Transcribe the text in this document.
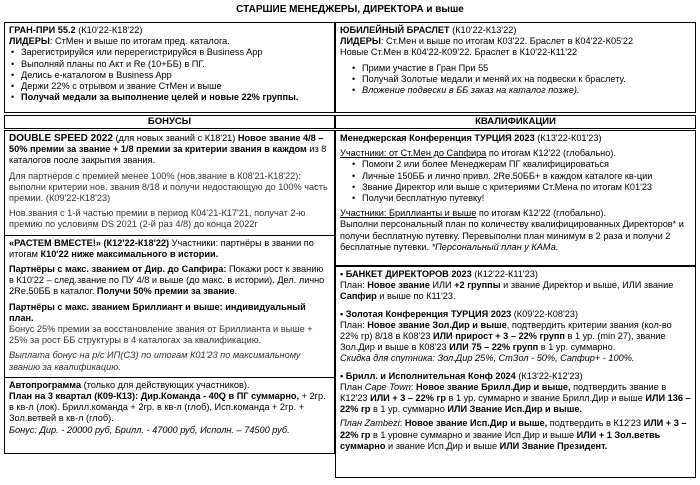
СТАРШИЕ МЕНЕДЖЕРЫ, ДИРЕКТОРА и выше

ГРАН-ПРИ 55.2 (К10'22-К18'22)

ЛИДЕРЫ: СтМен и выше по итогам пред. каталога.

• Зарегистрируйся или перерегистрируйся в Business App
• Выполняй планы по Акт и Re (10+ББ) в ПГ.
• Делись е-каталогом в Business App
• Держи 22% с отрывом и звание СтМен и выше
• Получай медали за выполнение целей и новые 22% группы.

ЮБИЛЕЙНЫЙ БРАСЛЕТ (К10'22-К13'22)

ЛИДЕРЫ: Ст.Мен и выше по итогам К03'22. Браслет в К04'22-К05'22

Новые Ст.Мен в К04'22-К09'22. Браслет в К10'22-К11'22

• Прими участие в Гран При 55
• Получай Золотые медали и меняй их на подвески к браслету.
• Вложение подвески в ББ заказ на каталог позже).
БОНУСЫ	КВАЛИФИКАЦИИ

DOUBLE SPEED 2022 (для новых званий с К18'21) Новое звание 4/8 – 50% премии за звание + 1/8 премии за критерии звания в каждом из 8 каталогов после закрытия звания.

Для партнёров с премией менее 100% (нов.звание в К08'21-К18'22): выполни критерии нов. звания 8/18 и получи недостающую до 100% часть премии. (К09'22-К18'23)

Нов.звания с 1-й частью премии в период К04'21-К17'21, получат 2-ю премию по условиям DS 2021 (2-й раз 4/8) до конца 2022г

«РАСТЕМ ВМЕСТЕ!» (К12'22-К18'22) Участники: партнёры в звании по итогам К10'22 ниже максимального в истории.

Партнёры с макс. званием от Дир. до Сапфира: Покажи рост к званию в К10'22 – след.звание по ПУ 4/8 и выше (до макс. в истории). Дел. лично 2Re.50ББ в каталог. Получи 50% премии за звание.

Партнёры с макс. званием Бриллиант и выше: индивидуальный план.

Бонус 25% премии за восстановление звания от Бриллианта и выше + 25% за рост ББ структуры в 4 каталогах за квалификацию.

Выплата бонус на р/с ИП(СЗ) по итогам К01'23 по максимальному званию за квалификацию.

Автопрограмма (только для действующих участников).

План на 3 квартал (К09-К13): Дир.Команда - 40Q в ПГ суммарно, + 2гр. в кв-л (лок). Брилл.команда + 2гр. в кв-л (глоб), Исп.команда + 2гр. + Зол.ветвей в кв-л (глоб).

Бонус: Дир. - 20000 руб, Брилл. - 47000 руб, Исполн. – 74500 руб.

Менеджерская Конференция ТУРЦИЯ 2023 (К13'22-К01'23)

Участники: от Ст.Мен до Сапфира по итогам К12'22 (глобально).

• Помоги 2 или более Менеджерам ПГ квалифицироваться
• Личные 150ББ и лично привл. 2Re.50ББ+ в каждом каталоге кв-ции
• Звание Директор или выше с критериями Ст.Мена по итогам К01'23
• Получи бесплатную путевку!

Участники: Бриллианты и выше по итогам К12'22 (глобально).

Выполни персональный план по количеству квалифицированных Директоров* и получи бесплатную путевку. Перевыполни план минимум в 2 раза и получи 2 бесплатные путевки. *Персональный план у КАМа.

• БАНКЕТ ДИРЕКТОРОВ 2023 (К12'22-К11'23)

План: Новое звание ИЛИ +2 группы и звание Директор и выше, ИЛИ звание Сапфир и выше по К11'23.

• Золотая Конференция ТУРЦИЯ 2023 (К09'22-К08'23)

План: Новое звание Зол.Дир и выше, подтвердить критерии звания (кол-во 22% гр) 8/18 в К08'23 ИЛИ прирост + 3 – 22% групп в 1 ур. (min 27), звание Зол.Дир и выше в К08'23 ИЛИ 75 – 22% групп в 1 ур. суммарно.

Скидка для спутника: Зол.Дир 25%, СтЗол - 50%, Сапфир+ - 100%.

• Брилл. и Исполнительная Конф 2024 (К13'22-К12'23)

План Cape Town: Новое звание Брилл.Дир и выше, подтвердить звание в К12'23 ИЛИ + 3 – 22% гр в 1 ур. суммарно и звание Брилл.Дир и выше ИЛИ 136 – 22% гр в 1 ур. суммарно ИЛИ Звание Исп.Дир и выше.

План Zambezi: Новое звание Исп.Дир и выше, подтвердить в К12'23 ИЛИ + 3 – 22% гр в 1 уровне суммарно и звание Исп.Дир и выше ИЛИ + 1 Зол.ветвь суммарно и звание Исп.Дир и выше ИЛИ Звание Президент.
